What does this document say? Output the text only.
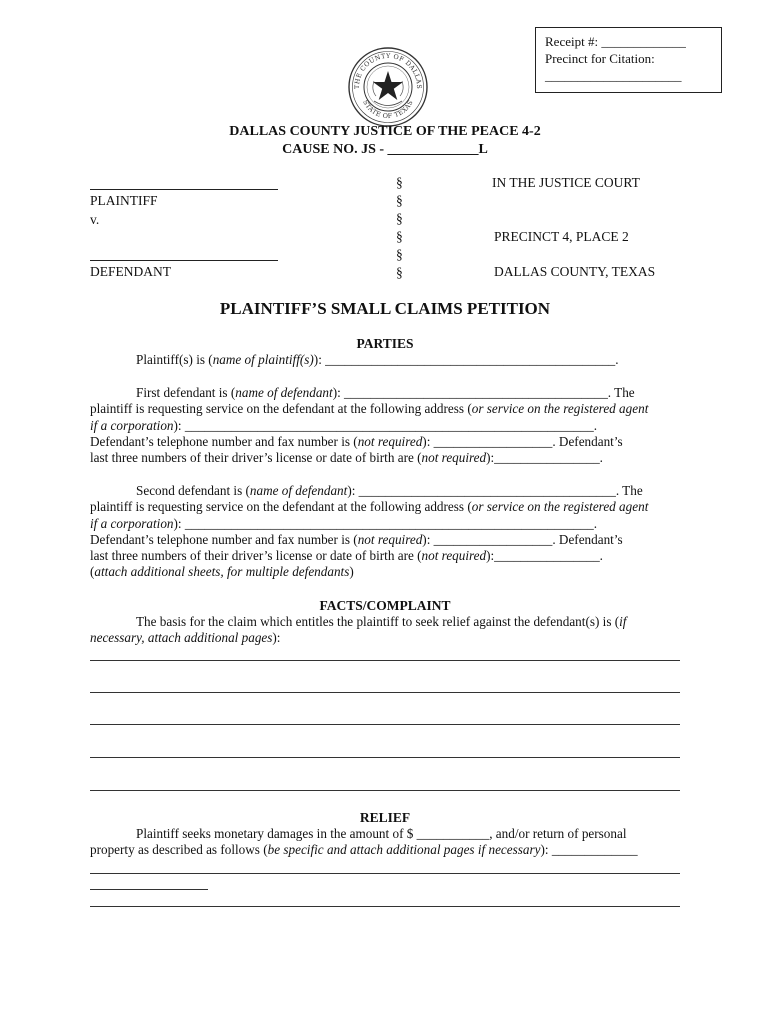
Receipt #: _____________
Precinct for Citation:
_____________________
THE COUNTY OF DALLAS
STATE OF TEXAS
DALLAS COUNTY JUSTICE OF THE PEACE 4-2
CAUSE NO. JS - _____________L
PLAINTIFF
v.
DEFENDANT
§
§
§
§
§
§
IN THE JUSTICE COURT
PRECINCT 4, PLACE 2
DALLAS COUNTY, TEXAS
PLAINTIFF’S SMALL CLAIMS PETITION
PARTIES

Plaintiff(s) is (name of plaintiff(s)): ____________________________________________.

First defendant is (name of defendant): ________________________________________. The

plaintiff is requesting service on the defendant at the following address (or service on the registered agent

if a corporation): ______________________________________________________________.

Defendant’s telephone number and fax number is (not required): __________________. Defendant’s

last three numbers of their driver’s license or date of birth are (not required):________________.

Second defendant is (name of defendant): _______________________________________. The

plaintiff is requesting service on the defendant at the following address (or service on the registered agent

if a corporation): ______________________________________________________________.

Defendant’s telephone number and fax number is (not required): __________________. Defendant’s

last three numbers of their driver’s license or date of birth are (not required):________________.

(attach additional sheets, for multiple defendants)

FACTS/COMPLAINT

The basis for the claim which entitles the plaintiff to seek relief against the defendant(s) is (if

necessary, attach additional pages):

RELIEF

Plaintiff seeks monetary damages in the amount of $ ___________, and/or return of personal

property as described as follows (be specific and attach additional pages if necessary): _____________
